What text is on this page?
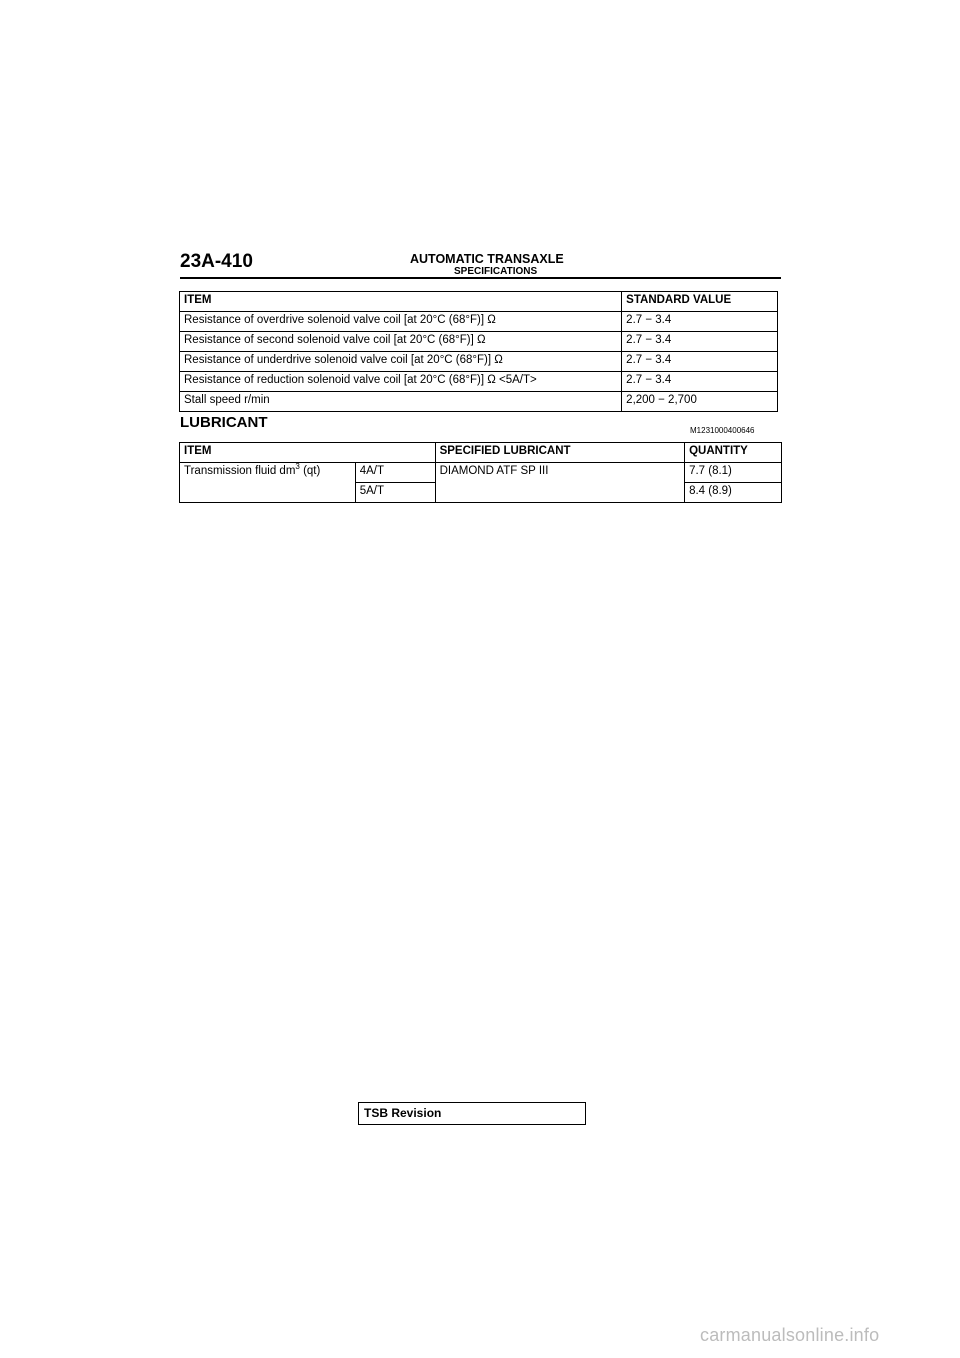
23A-410	AUTOMATIC TRANSAXLE
SPECIFICATIONS
ITEM	STANDARD VALUE
Resistance of overdrive solenoid valve coil [at 20°C (68°F)] Ω	2.7 − 3.4
Resistance of second solenoid valve coil [at 20°C (68°F)] Ω	2.7 − 3.4
Resistance of underdrive solenoid valve coil [at 20°C (68°F)] Ω	2.7 − 3.4
Resistance of reduction solenoid valve coil [at 20°C (68°F)] Ω <5A/T>	2.7 − 3.4
Stall speed r/min	2,200 − 2,700
LUBRICANT	M1231000400646
ITEM		SPECIFIED LUBRICANT	QUANTITY
Transmission fluid $dm^3$ (qt)	4A/T	DIAMOND ATF SP III	7.7 (8.1)
	5A/T		8.4 (8.9)
TSB Revision
carmanualsonline.info
